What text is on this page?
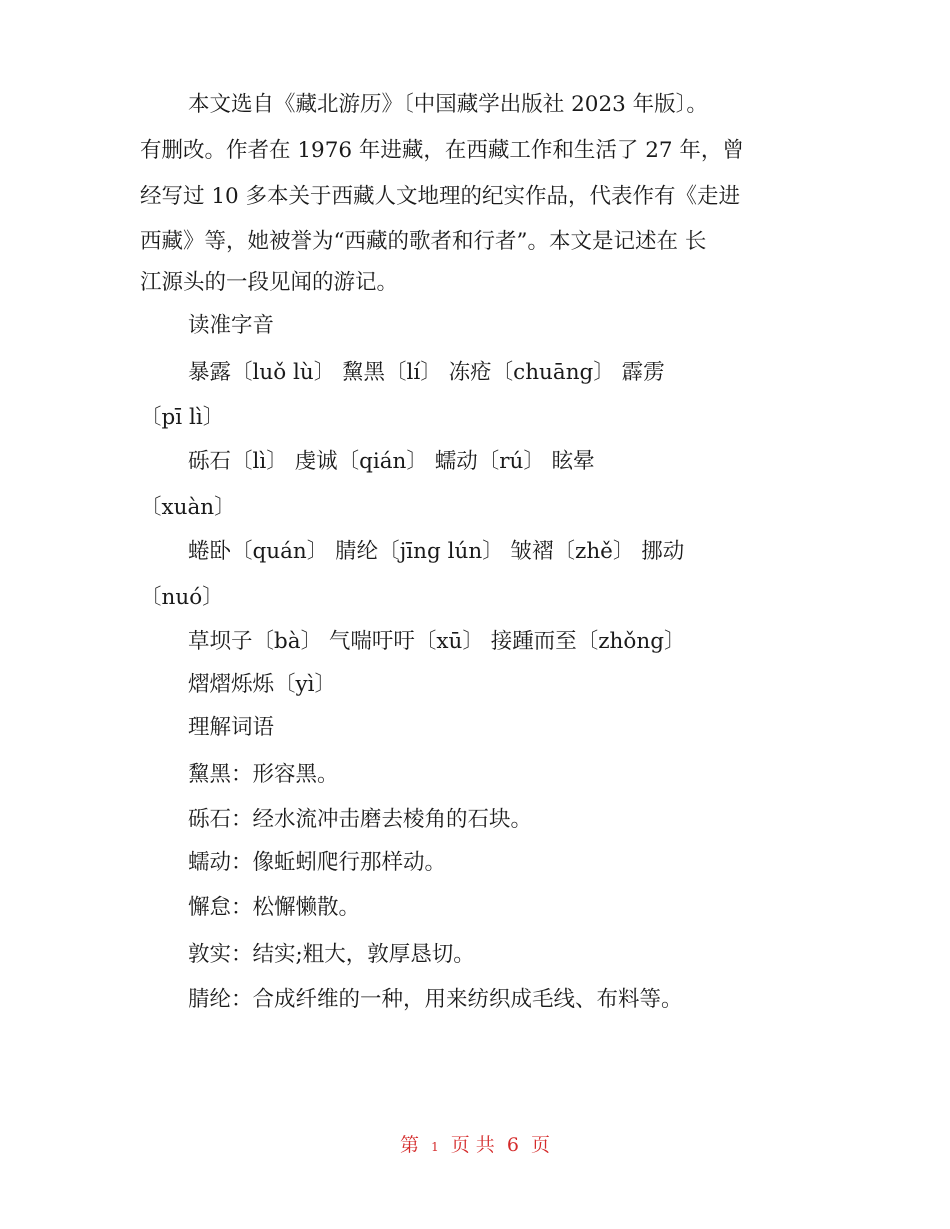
本文选自《藏北游历》〔中国藏学出版社 2023 年版〕。
有删改。作者在 1976 年进藏，在西藏工作和生活了 27 年，曾
经写过 10 多本关于西藏人文地理的纪实作品，代表作有《走进
西藏》等，她被誉为“西藏的歌者和行者”。本文是记述在 长
江源头的一段见闻的游记。
读准字音
暴露〔luǒ lù〕 黧黑〔lí〕 冻疮〔chuāng〕 霹雳
〔pī lì〕
砾石〔lì〕 虔诚〔qián〕 蠕动〔rú〕 眩晕
〔xuàn〕
蜷卧〔quán〕 腈纶〔jīng lún〕 皱褶〔zhě〕 挪动
〔nuó〕
草坝子〔bà〕 气喘吁吁〔xū〕 接踵而至〔zhǒng〕
熠熠烁烁〔yì〕
理解词语
黧黑：形容黑。
砾石：经水流冲击磨去棱角的石块。
蠕动：像蚯蚓爬行那样动。
懈怠：松懈懒散。
敦实：结实;粗大，敦厚恳切。
腈纶：合成纤维的一种，用来纺织成毛线、布料等。
第 1 页 共 6 页
